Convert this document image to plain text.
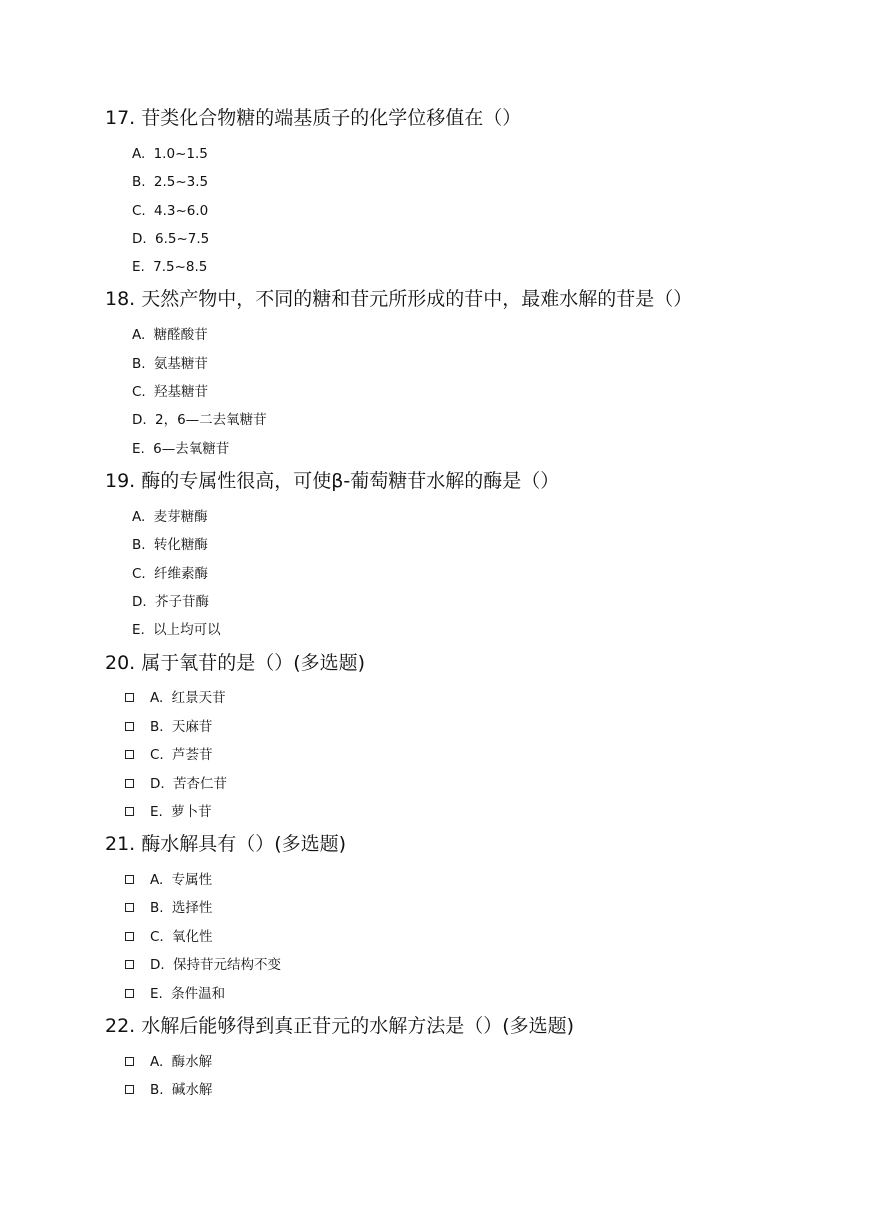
17. 苷类化合物糖的端基质子的化学位移值在（）
A. 1.0~1.5
B. 2.5~3.5
C. 4.3~6.0
D. 6.5~7.5
E. 7.5~8.5
18. 天然产物中，不同的糖和苷元所形成的苷中，最难水解的苷是（）
A. 糖醛酸苷
B. 氨基糖苷
C. 羟基糖苷
D. 2，6—二去氧糖苷
E. 6—去氧糖苷
19. 酶的专属性很高，可使β-葡萄糖苷水解的酶是（）
A. 麦芽糖酶
B. 转化糖酶
C. 纤维素酶
D. 芥子苷酶
E. 以上均可以
20. 属于氧苷的是（）(多选题)
A. 红景天苷
B. 天麻苷
C. 芦荟苷
D. 苦杏仁苷
E. 萝卜苷
21. 酶水解具有（）(多选题)
A. 专属性
B. 选择性
C. 氧化性
D. 保持苷元结构不变
E. 条件温和
22. 水解后能够得到真正苷元的水解方法是（）(多选题)
A. 酶水解
B. 碱水解
